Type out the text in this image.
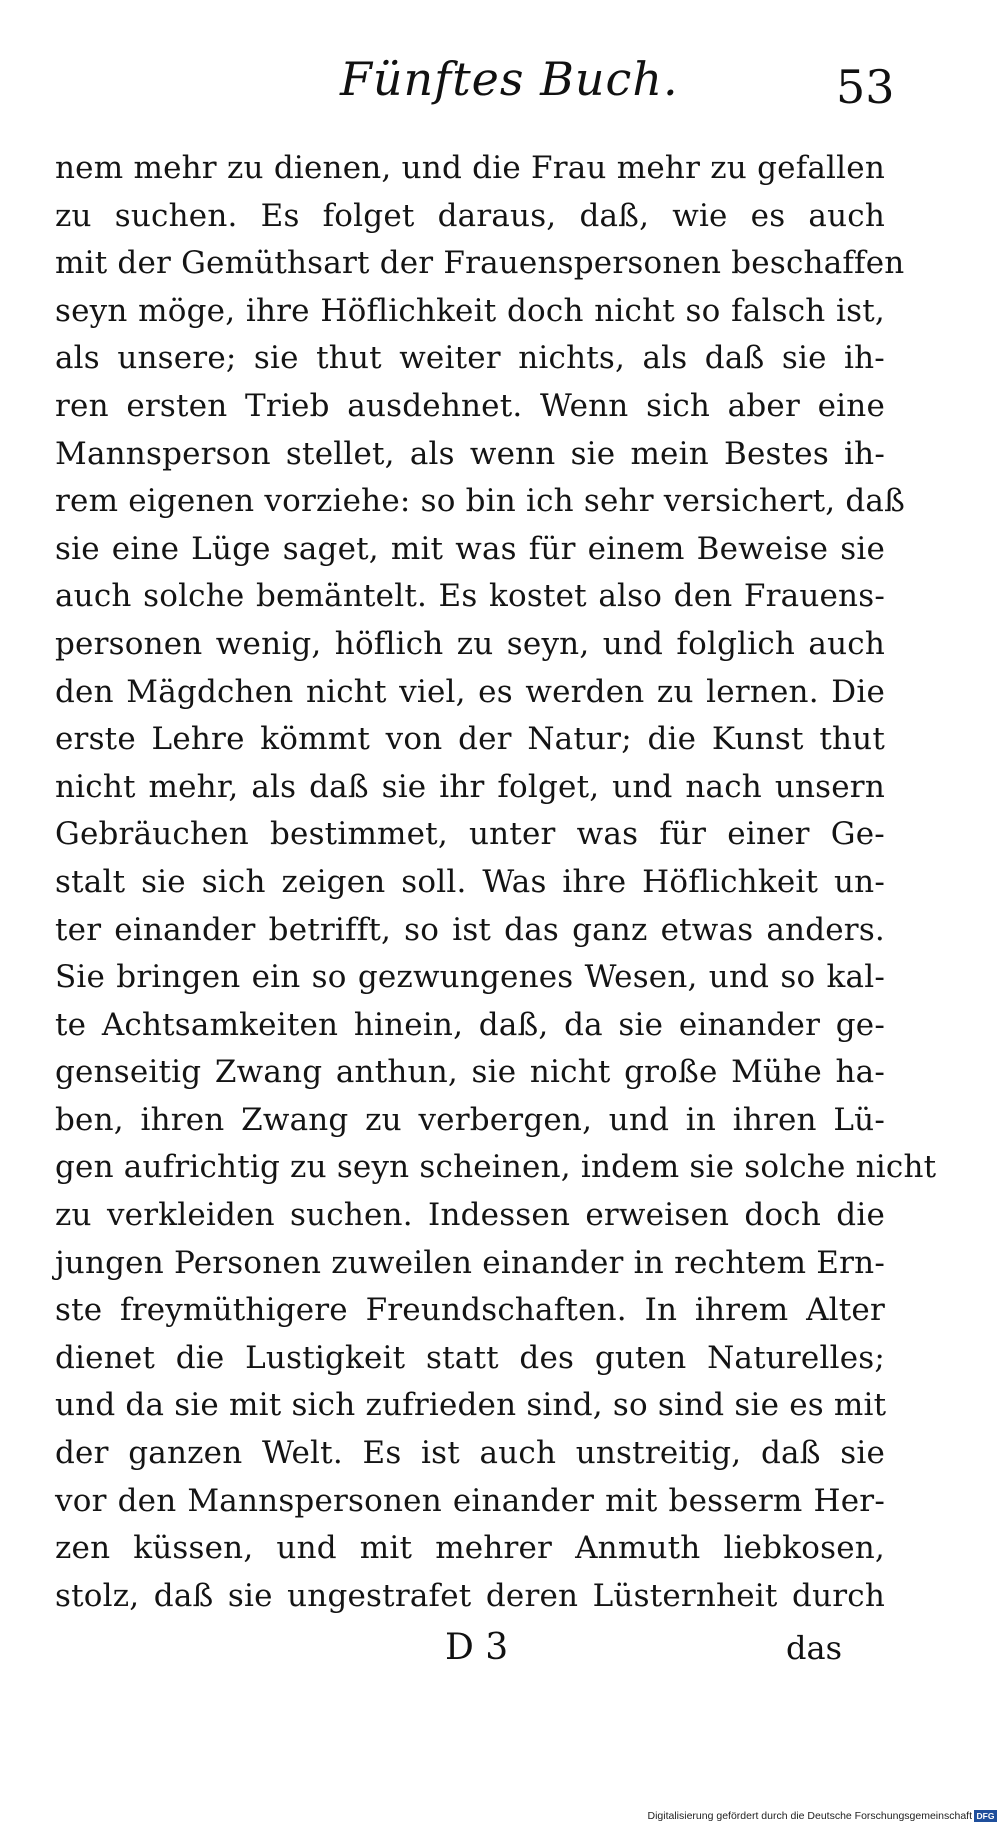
Fünftes Buch.	53
nem mehr zu dienen, und die Frau mehr zu gefallen
zu suchen. Es folget daraus, daß, wie es auch
mit der Gemüthsart der Frauenspersonen beschaffen
seyn möge, ihre Höflichkeit doch nicht so falsch ist,
als unsere; sie thut weiter nichts, als daß sie ih-
ren ersten Trieb ausdehnet. Wenn sich aber eine
Mannsperson stellet, als wenn sie mein Bestes ih-
rem eigenen vorziehe: so bin ich sehr versichert, daß
sie eine Lüge saget, mit was für einem Beweise sie
auch solche bemäntelt. Es kostet also den Frauens-
personen wenig, höflich zu seyn, und folglich auch
den Mägdchen nicht viel, es werden zu lernen. Die
erste Lehre kömmt von der Natur; die Kunst thut
nicht mehr, als daß sie ihr folget, und nach unsern
Gebräuchen bestimmet, unter was für einer Ge-
stalt sie sich zeigen soll. Was ihre Höflichkeit un-
ter einander betrifft, so ist das ganz etwas anders.
Sie bringen ein so gezwungenes Wesen, und so kal-
te Achtsamkeiten hinein, daß, da sie einander ge-
genseitig Zwang anthun, sie nicht große Mühe ha-
ben, ihren Zwang zu verbergen, und in ihren Lü-
gen aufrichtig zu seyn scheinen, indem sie solche nicht
zu verkleiden suchen. Indessen erweisen doch die
jungen Personen zuweilen einander in rechtem Ern-
ste freymüthigere Freundschaften. In ihrem Alter
dienet die Lustigkeit statt des guten Naturelles;
und da sie mit sich zufrieden sind, so sind sie es mit
der ganzen Welt. Es ist auch unstreitig, daß sie
vor den Mannspersonen einander mit besserm Her-
zen küssen, und mit mehrer Anmuth liebkosen,
stolz, daß sie ungestrafet deren Lüsternheit durch
D 3	das
Digitalisierung gefördert durch die Deutsche Forschungsgemeinschaft DFG
